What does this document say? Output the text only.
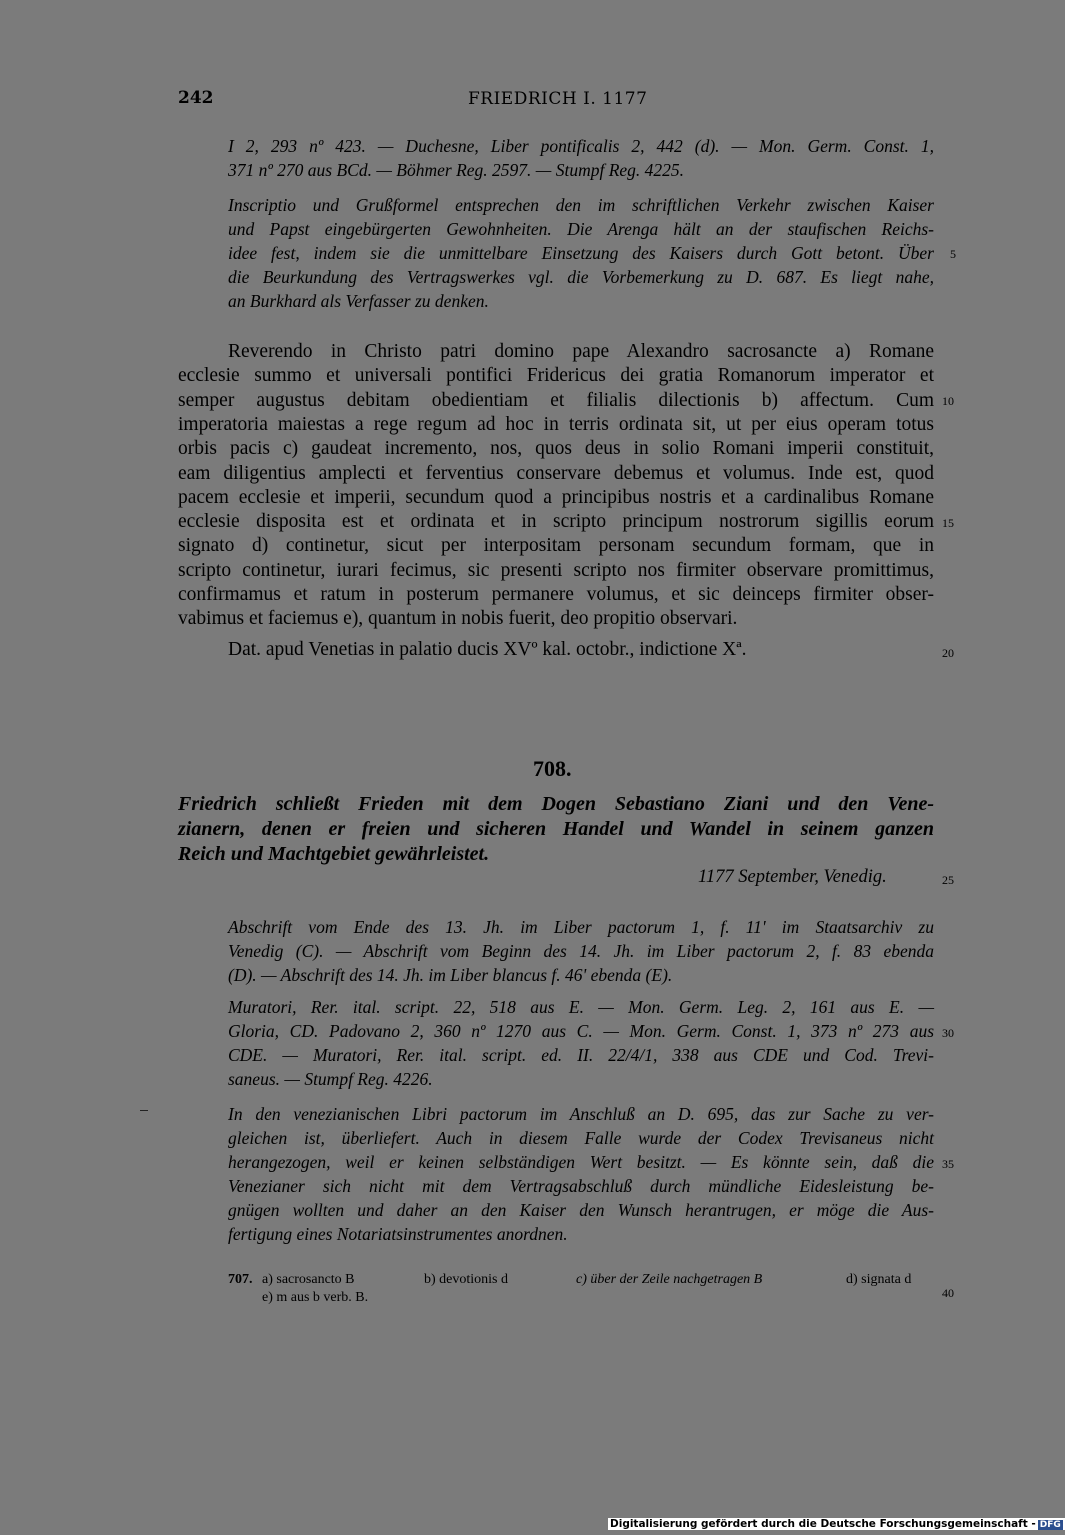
242	FRIEDRICH I. 1177
I 2, 293 nº 423. — Duchesne, Liber pontificalis 2, 442 (d). — Mon. Germ. Const. 1,
371 nº 270 aus BCd. — Böhmer Reg. 2597. — Stumpf Reg. 4225.
Inscriptio und Grußformel entsprechen den im schriftlichen Verkehr zwischen Kaiser
und Papst eingebürgerten Gewohnheiten. Die Arenga hält an der staufischen Reichs-
idee fest, indem sie die unmittelbare Einsetzung des Kaisers durch Gott betont. Über
die Beurkundung des Vertragswerkes vgl. die Vorbemerkung zu D. 687. Es liegt nahe,
an Burkhard als Verfasser zu denken.
Reverendo in Christo patri domino pape Alexandro sacrosancte a) Romane
ecclesie summo et universali pontifici Fridericus dei gratia Romanorum imperator et
semper augustus debitam obedientiam et filialis dilectionis b) affectum. Cum
imperatoria maiestas a rege regum ad hoc in terris ordinata sit, ut per eius operam totus
orbis pacis c) gaudeat incremento, nos, quos deus in solio Romani imperii constituit,
eam diligentius amplecti et ferventius conservare debemus et volumus. Inde est, quod
pacem ecclesie et imperii, secundum quod a principibus nostris et a cardinalibus Romane
ecclesie disposita est et ordinata et in scripto principum nostrorum sigillis eorum
signato d) continetur, sicut per interpositam personam secundum formam, que in
scripto continetur, iurari fecimus, sic presenti scripto nos firmiter observare promittimus,
confirmamus et ratum in posterum permanere volumus, et sic deinceps firmiter obser-
vabimus et faciemus e), quantum in nobis fuerit, deo propitio observari.
Dat. apud Venetias in palatio ducis XVº kal. octobr., indictione Xª.
708.
Friedrich schließt Frieden mit dem Dogen Sebastiano Ziani und den Vene-
zianern, denen er freien und sicheren Handel und Wandel in seinem ganzen
Reich und Machtgebiet gewährleistet.
1177 September, Venedig.
Abschrift vom Ende des 13. Jh. im Liber pactorum 1, f. 11' im Staatsarchiv zu
Venedig (C). — Abschrift vom Beginn des 14. Jh. im Liber pactorum 2, f. 83 ebenda
(D). — Abschrift des 14. Jh. im Liber blancus f. 46' ebenda (E).
Muratori, Rer. ital. script. 22, 518 aus E. — Mon. Germ. Leg. 2, 161 aus E. —
Gloria, CD. Padovano 2, 360 nº 1270 aus C. — Mon. Germ. Const. 1, 373 nº 273 aus
CDE. — Muratori, Rer. ital. script. ed. II. 22/4/1, 338 aus CDE und Cod. Trevi-
saneus. — Stumpf Reg. 4226.
In den venezianischen Libri pactorum im Anschluß an D. 695, das zur Sache zu ver-
gleichen ist, überliefert. Auch in diesem Falle wurde der Codex Trevisaneus nicht
herangezogen, weil er keinen selbständigen Wert besitzt. — Es könnte sein, daß die
Venezianer sich nicht mit dem Vertragsabschluß durch mündliche Eidesleistung be-
gnügen wollten und daher an den Kaiser den Wunsch herantrugen, er möge die Aus-
fertigung eines Notariatsinstrumentes anordnen.
707. a) sacrosancto B	b) devotionis d	c) über der Zeile nachgetragen B	d) signata d
e) m aus b verb. B.
5
10
15
20
25
30
35
40
Digitalisierung gefördert durch die Deutsche Forschungsgemeinschaft - DFG
